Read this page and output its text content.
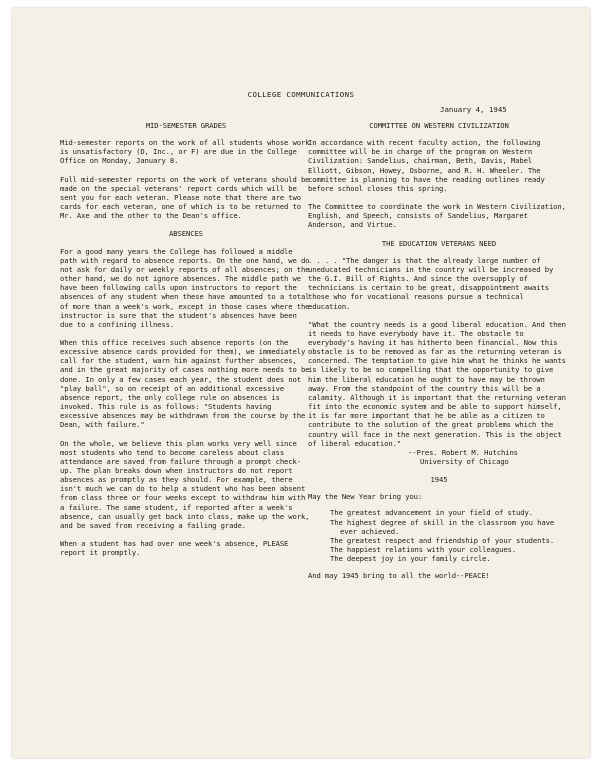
COLLEGE COMMUNICATIONS
January 4, 1945
MID-SEMESTER GRADES

Mid-semester reports on the work of all students whose work is unsatisfactory (D, Inc., or F) are due in the College Office on Monday, January 8.

Full mid-semester reports on the work of veterans should be made on the special veterans' report cards which will be sent you for each veteran. Please note that there are two cards for each veteran, one of which is to be returned to Mr. Axe and the other to the Dean's office.

ABSENCES

For a good many years the College has followed a middle path with regard to absence reports. On the one hand, we do not ask for daily or weekly reports of all absences; on the other hand, we do not ignore absences. The middle path we have been following calls upon instructors to report the absences of any student when these have amounted to a total of more than a week's work, except in those cases where the instructor is sure that the student's absences have been due to a confining illness.

When this office receives such absence reports (on the excessive absence cards provided for them), we immediately call for the student, warn him against further absences, and in the great majority of cases nothing more needs to be done. In only a few cases each year, the student does not "play ball", so on receipt of an additional excessive absence report, the only college rule on absences is invoked. This rule is as follows: "Students having excessive absences may be withdrawn from the course by the Dean, with failure."

On the whole, we believe this plan works very well since most students who tend to become careless about class attendance are saved from failure through a prompt check-up. The plan breaks down when instructors do not report absences as promptly as they should. For example, there isn't much we can do to help a student who has been absent from class three or four weeks except to withdraw him with a failure. The same student, if reported after a week's absence, can usually get back into class, make up the work, and be saved from receiving a failing grade.

When a student has had over one week's absence, PLEASE report it promptly.

COMMITTEE ON WESTERN CIVILIZATION

In accordance with recent faculty action, the following committee will be in charge of the program on Western Civilization: Sandelius, chairman, Beth, Davis, Mabel Elliott, Gibson, Howey, Osborne, and R. H. Wheeler. The committee is planning to have the reading outlines ready before school closes this spring.

The Committee to coordinate the work in Western Civilization, English, and Speech, consists of Sandelius, Margaret Anderson, and Virtue.

THE EDUCATION VETERANS NEED

. . . . "The danger is that the already large number of uneducated technicians in the country will be increased by the G.I. Bill of Rights. And since the oversupply of technicians is certain to be great, disappointment awaits those who for vocational reasons pursue a technical education.

"What the country needs is a good liberal education. And then it needs to have everybody have it. The obstacle to everybody's having it has hitherto been financial. Now this obstacle is to be removed as far as the returning veteran is concerned. The temptation to give him what he thinks he wants is likely to be so compelling that the opportunity to give him the liberal education he ought to have may be thrown away. From the standpoint of the country this will be a calamity. Although it is important that the returning veteran fit into the economic system and be able to support himself, it is far more important that he be able as a citizen to contribute to the solution of the great problems which the country will face in the next generation. This is the object of liberal education."

--Pres. Robert M. Hutchins
University of Chicago
1945

May the New Year bring you:

The greatest advancement in your field of study.

The highest degree of skill in the classroom you have ever achieved.

The greatest respect and friendship of your students.

The happiest relations with your colleagues.

The deepest joy in your family circle.

And may 1945 bring to all the world--PEACE!
